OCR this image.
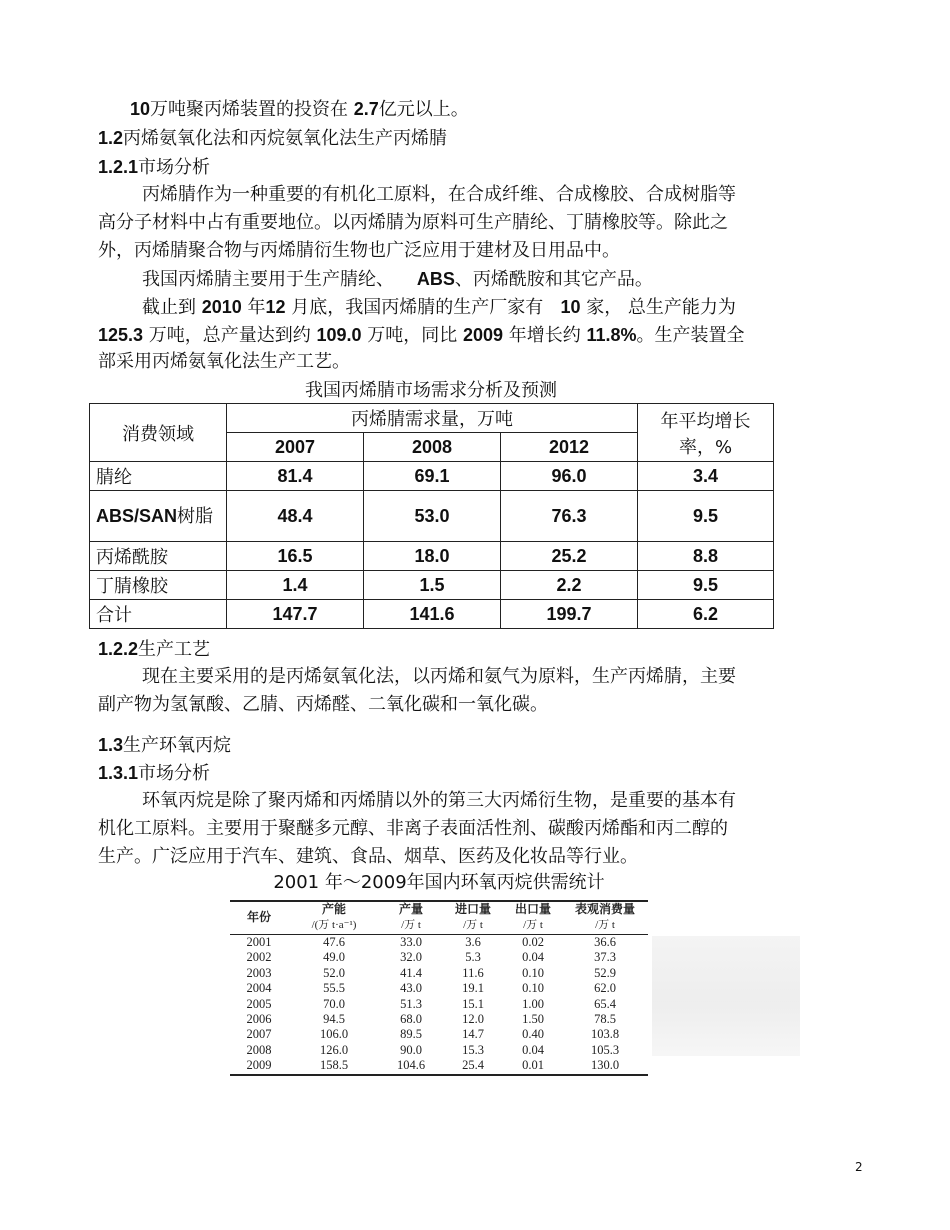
10万吨聚丙烯装置的投资在 2.7亿元以上。
1.2丙烯氨氧化法和丙烷氨氧化法生产丙烯腈
1.2.1市场分析
丙烯腈作为一种重要的有机化工原料，在合成纤维、合成橡胶、合成树脂等
高分子材料中占有重要地位。以丙烯腈为原料可生产腈纶、丁腈橡胶等。除此之
外，丙烯腈聚合物与丙烯腈衍生物也广泛应用于建材及日用品中。
我国丙烯腈主要用于生产腈纶、 ABS、丙烯酰胺和其它产品。
截止到 2010 年12 月底，我国丙烯腈的生产厂家有   10 家， 总生产能力为
125.3 万吨，总产量达到约 109.0 万吨，同比 2009 年增长约 11.8%。生产装置全
部采用丙烯氨氧化法生产工艺。
我国丙烯腈市场需求分析及预测
消费领域	丙烯腈需求量，万吨			年平均增长率，%
	2007	2008	2012	
腈纶	81.4	69.1	96.0	3.4
ABS/SAN树脂	48.4	53.0	76.3	9.5
丙烯酰胺	16.5	18.0	25.2	8.8
丁腈橡胶	1.4	1.5	2.2	9.5
合计	147.7	141.6	199.7	6.2
1.2.2生产工艺
现在主要采用的是丙烯氨氧化法，以丙烯和氨气为原料，生产丙烯腈，主要
副产物为氢氰酸、乙腈、丙烯醛、二氧化碳和一氧化碳。
1.3生产环氧丙烷
1.3.1市场分析
环氧丙烷是除了聚丙烯和丙烯腈以外的第三大丙烯衍生物，是重要的基本有
机化工原料。主要用于聚醚多元醇、非离子表面活性剂、碳酸丙烯酯和丙二醇的
生产。广泛应用于汽车、建筑、食品、烟草、医药及化妆品等行业。
2001 年～2009年国内环氧丙烷供需统计
年份	产能	产量	进口量	出口量	表观消费量
	/(万 t·a⁻¹)	/万 t	/万 t	/万 t	/万 t
2001	47.6	33.0	3.6	0.02	36.6
2002	49.0	32.0	5.3	0.04	37.3
2003	52.0	41.4	11.6	0.10	52.9
2004	55.5	43.0	19.1	0.10	62.0
2005	70.0	51.3	15.1	1.00	65.4
2006	94.5	68.0	12.0	1.50	78.5
2007	106.0	89.5	14.7	0.40	103.8
2008	126.0	90.0	15.3	0.04	105.3
2009	158.5	104.6	25.4	0.01	130.0
2
